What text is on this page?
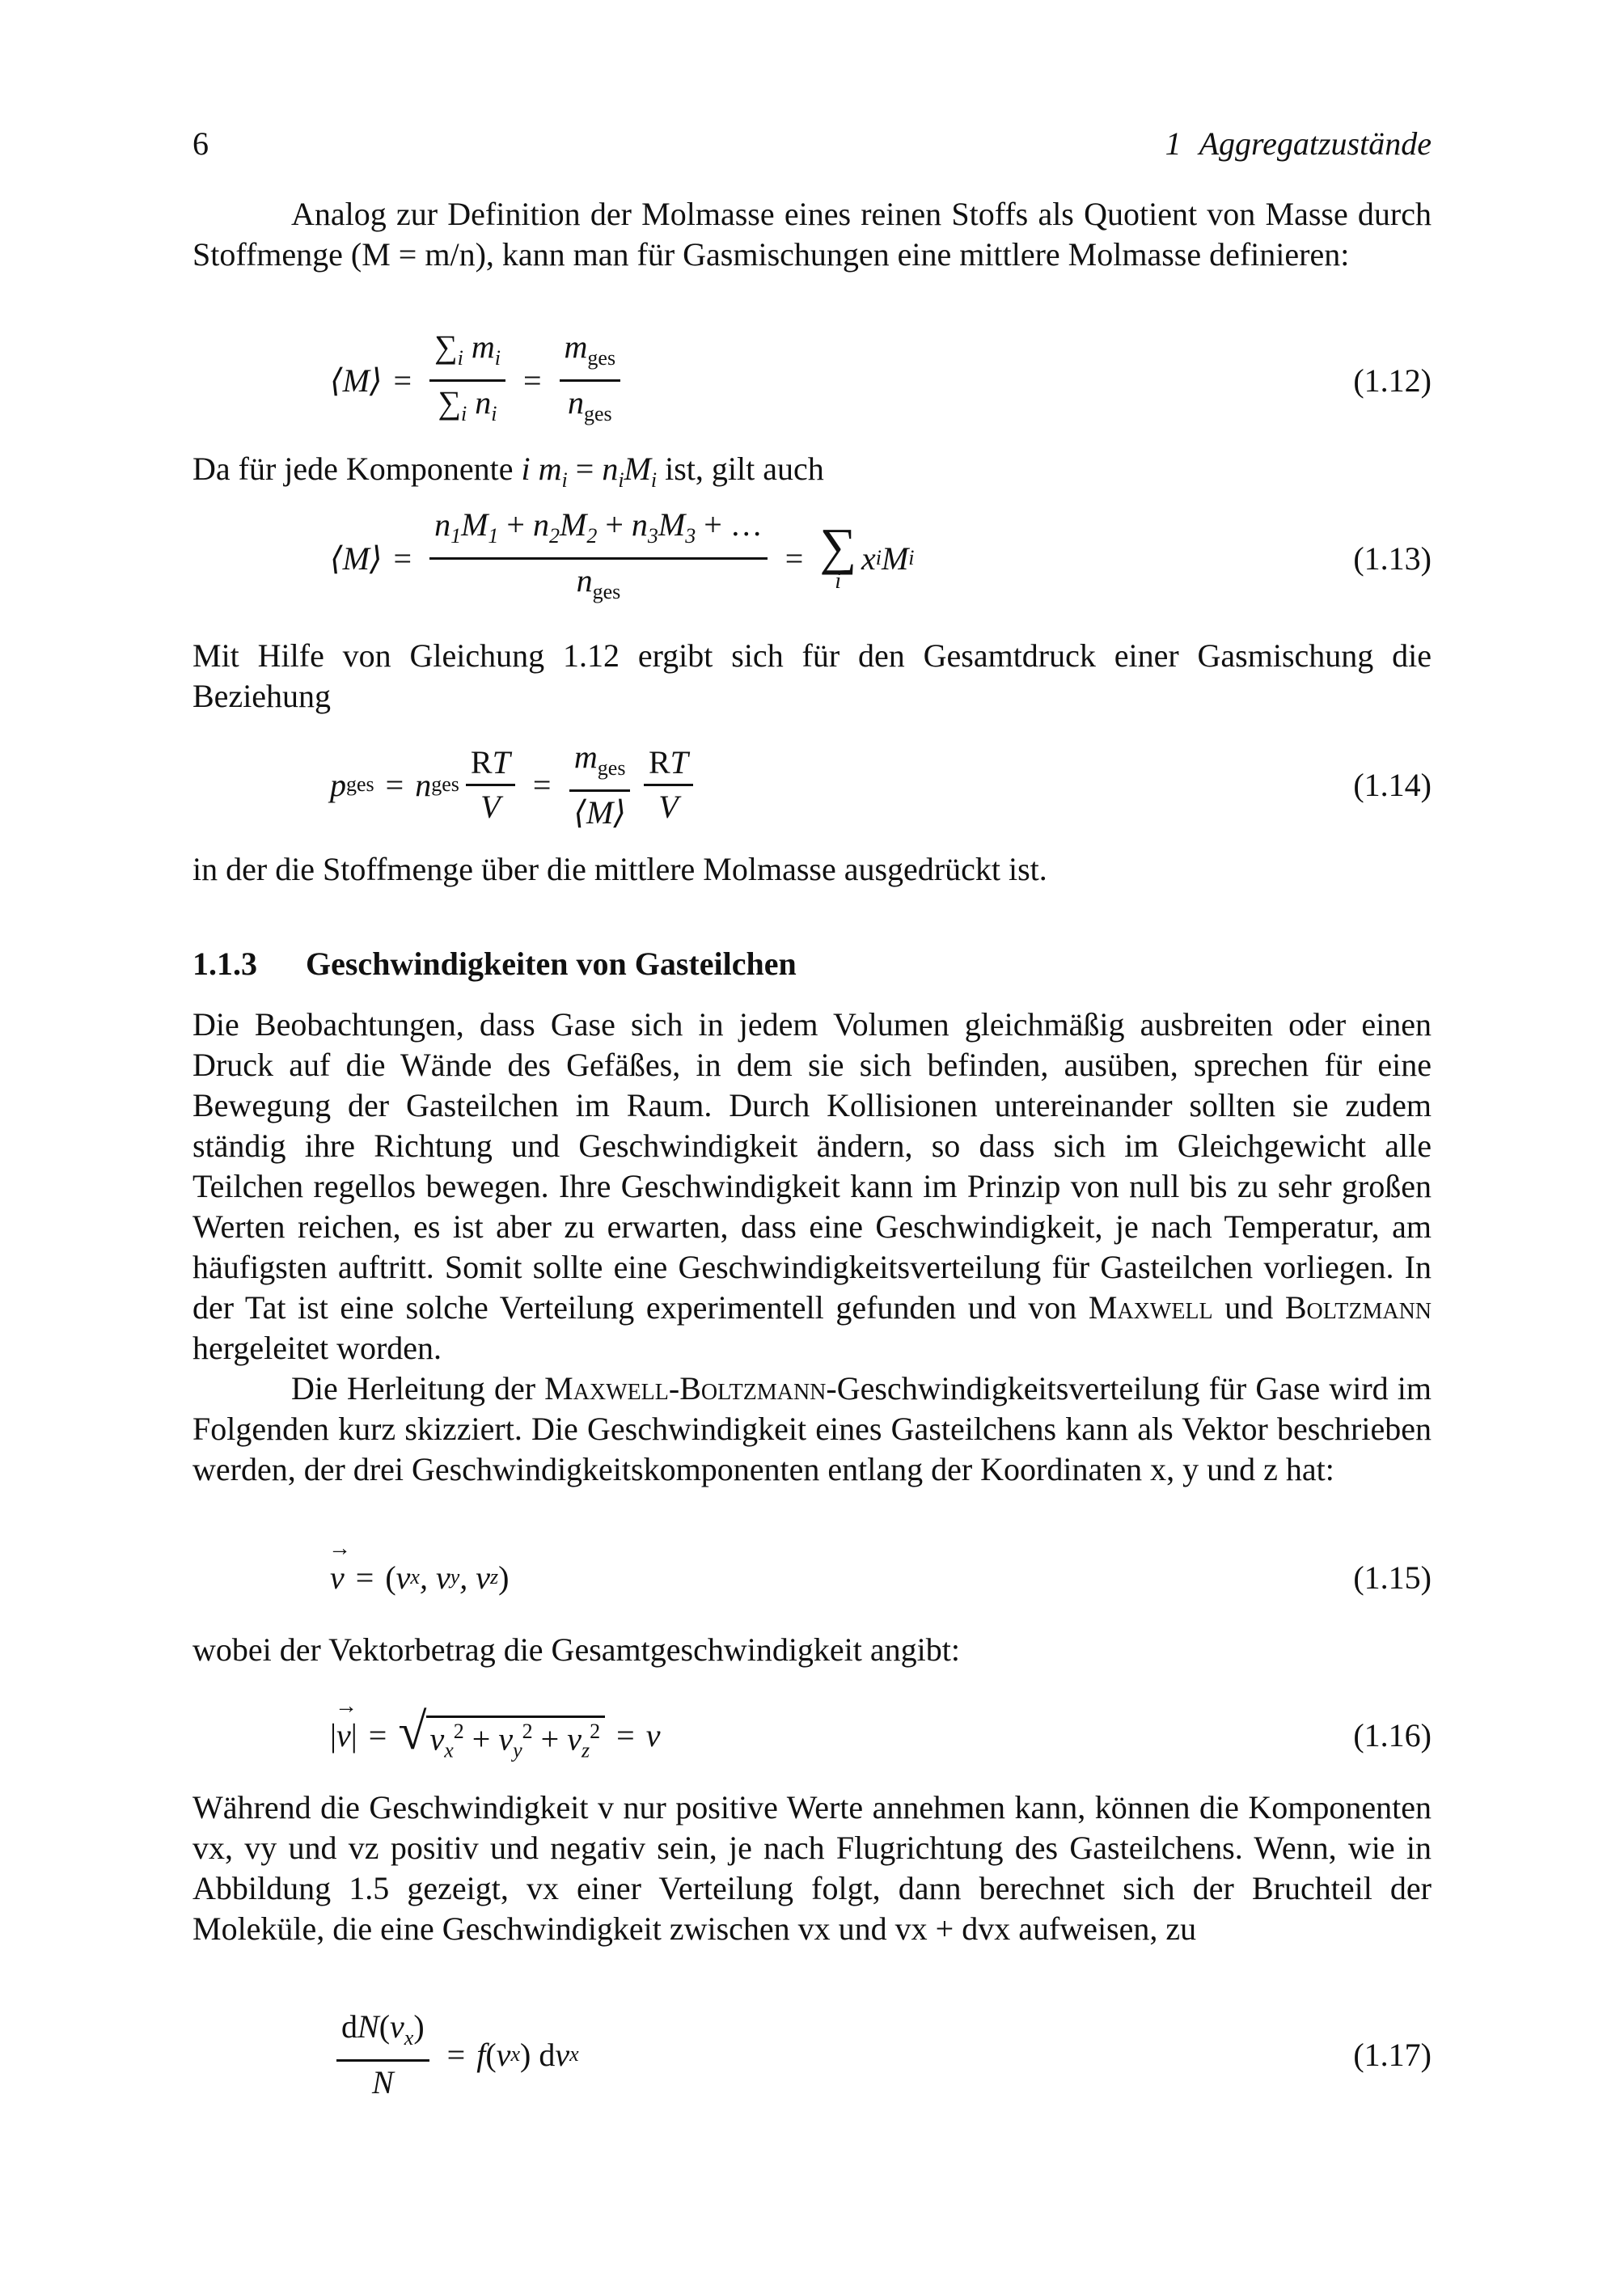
6	1 Aggregatzustände

Analog zur Definition der Molmasse eines reinen Stoffs als Quotient von Masse durch Stoffmenge (M = m/n), kann man für Gasmischungen eine mittlere Molmasse definieren:

⟨M⟩ = $\frac{\sum_i m_i}{\sum_i n_i} = \frac{m_{ges}}{n_{ges}}$	(1.12)

Da für jede Komponente i $m_i = n_iM_i$ ist, gilt auch

⟨M⟩ = $\frac{n_1M_1 + n_2M_2 + n_3M_3 + \dots}{n_{ges}}$ = ∑
i
x i M i	(1.13)

Mit Hilfe von Gleichung 1.12 ergibt sich für den Gesamtdruck einer Gasmischung die Beziehung

p ges = n ges $\frac{RT}{V} = \frac{m_{ges}}{⟨M⟩} \frac{RT}{V}$	(1.14)

in der die Stoffmenge über die mittlere Molmasse ausgedrückt ist.

1.1.3 Geschwindigkeiten von Gasteilchen

Die Beobachtungen, dass Gase sich in jedem Volumen gleichmäßig ausbreiten oder einen Druck auf die Wände des Gefäßes, in dem sie sich befinden, ausüben, sprechen für eine Bewegung der Gasteilchen im Raum. Durch Kollisionen untereinander sollten sie zudem ständig ihre Richtung und Geschwindigkeit ändern, so dass sich im Gleichgewicht alle Teilchen regellos bewegen. Ihre Geschwindigkeit kann im Prinzip von null bis zu sehr großen Werten reichen, es ist aber zu erwarten, dass eine Geschwindigkeit, je nach Temperatur, am häufigsten auftritt. Somit sollte eine Geschwindigkeitsverteilung für Gasteilchen vorliegen. In der Tat ist eine solche Verteilung experimentell gefunden und von Maxwell und Boltzmann hergeleitet worden.

Die Herleitung der Maxwell-Boltzmann-Geschwindigkeitsverteilung für Gase wird im Folgenden kurz skizziert. Die Geschwindigkeit eines Gasteilchens kann als Vektor beschrieben werden, der drei Geschwindigkeitskomponenten entlang der Koordinaten x, y und z hat:

→ v = ( v x , v y , v z )	(1.15)

wobei der Vektorbetrag die Gesamtgeschwindigkeit angibt:

|
→ v | = √ $v_x^2 + v_y^2 + v_z^2 = v$	(1.16)

Während die Geschwindigkeit v nur positive Werte annehmen kann, können die Komponenten vx, vy und vz positiv und negativ sein, je nach Flugrichtung des Gasteilchens. Wenn, wie in Abbildung 1.5 gezeigt, vx einer Verteilung folgt, dann berechnet sich der Bruchteil der Moleküle, die eine Geschwindigkeit zwischen vx und vx + dvx aufweisen, zu

$\frac{dN(v_x)}{N} = f$ ( v x )
d v x	(1.17)
